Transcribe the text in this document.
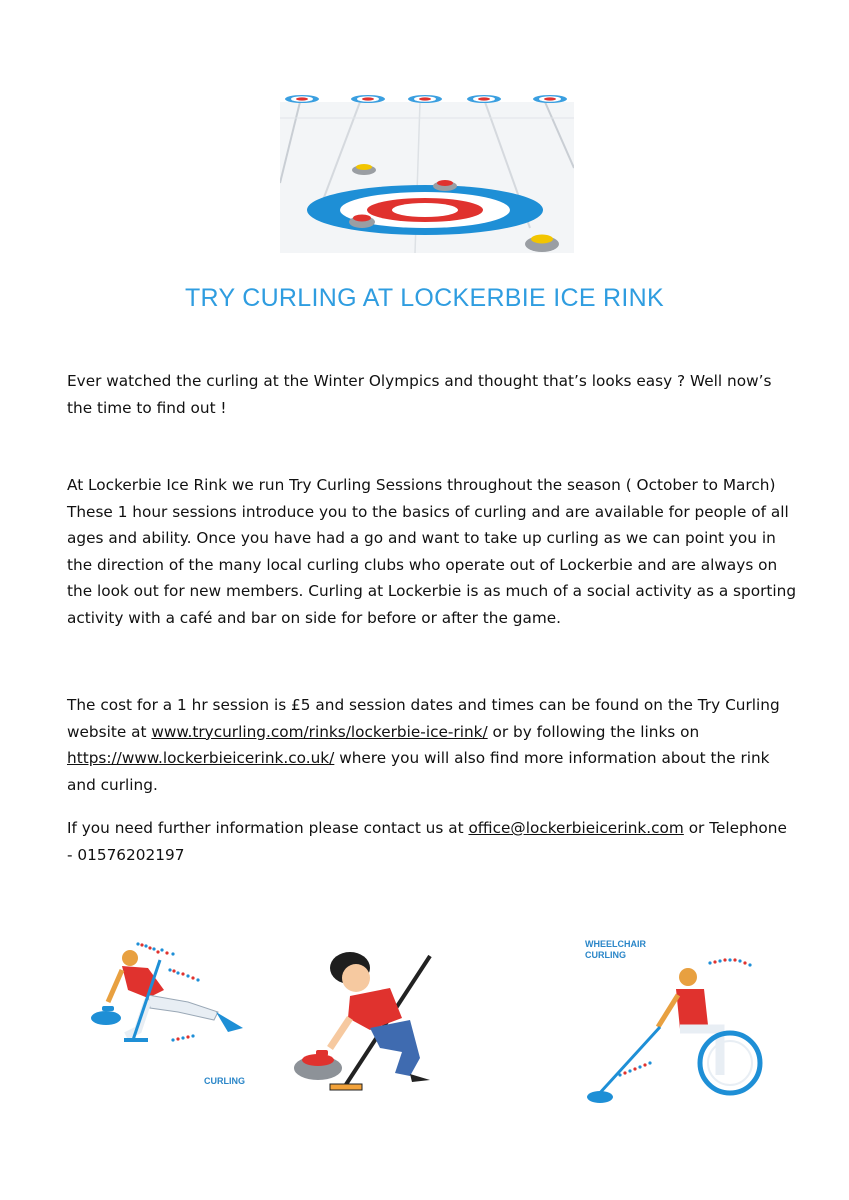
TRY CURLING AT LOCKERBIE ICE RINK
Ever watched the curling at the Winter Olympics and thought that’s looks easy ? Well now’s the time to find out !
At Lockerbie Ice Rink we run Try Curling Sessions throughout the season ( October to March) These 1 hour sessions introduce you to the basics of curling and are available for people of all ages and ability. Once you have had a go and want to take up curling as we can point you in the direction of the many local curling clubs who operate out of Lockerbie and are always on the look out for new members. Curling at Lockerbie is as much of a social activity as a sporting activity with a café and bar on side for before or after the game.
The cost for a 1 hr session is £5 and session dates and times can be found on the Try Curling website at www.trycurling.com/rinks/lockerbie-ice-rink/ or by following the links on https://www.lockerbieicerink.co.uk/ where you will also find more information about the rink and curling.
If you need further information please contact us at office@lockerbieicerink.com or Telephone - 01576202197
CURLING
WHEELCHAIR
CURLING
